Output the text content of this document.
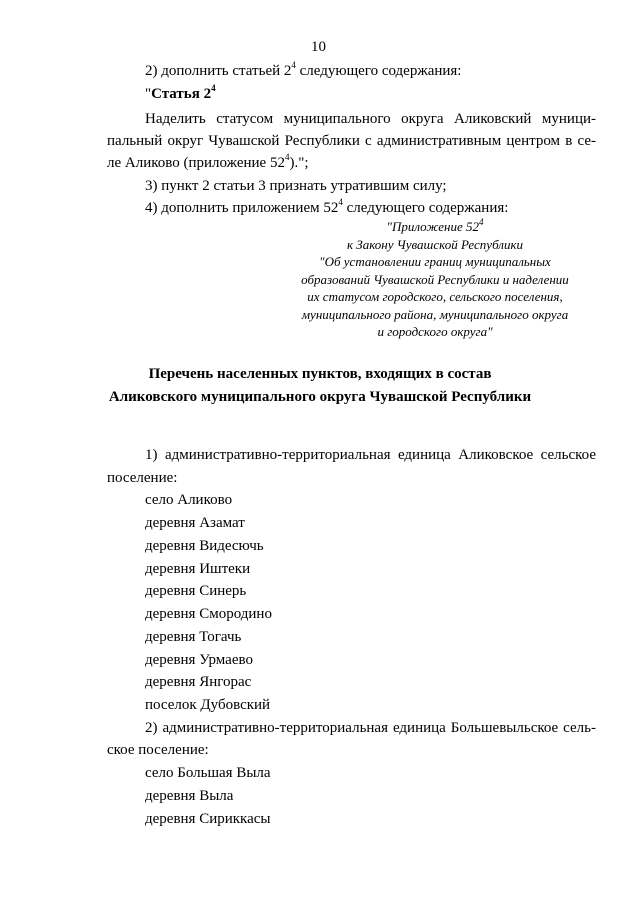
10
2) дополнить статьей $2^4$ следующего содержания:
"Статья $2^4$
Наделить статусом муниципального округа Аликовский муници-
пальный округ Чувашской Республики с административным центром в се-
ле Аликово (приложение $52^4$).";
3) пункт 2 статьи 3 признать утратившим силу;
4) дополнить приложением $52^4$ следующего содержания:
"Приложение $52^4$
к Закону Чувашской Республики
"Об установлении границ муниципальных
образований Чувашской Республики и наделении
их статусом городского, сельского поселения,
муниципального района, муниципального округа
и городского округа"
Перечень населенных пунктов, входящих в состав
Аликовского муниципального округа Чувашской Республики
1) административно-территориальная единица Аликовское сельское
поселение:
село Аликово
деревня Азамат
деревня Видесючь
деревня Иштеки
деревня Синерь
деревня Смородино
деревня Тогачь
деревня Урмаево
деревня Янгорас
поселок Дубовский
2) административно-территориальная единица Большевыльское сель-
ское поселение:
село Большая Выла
деревня Выла
деревня Сириккасы
